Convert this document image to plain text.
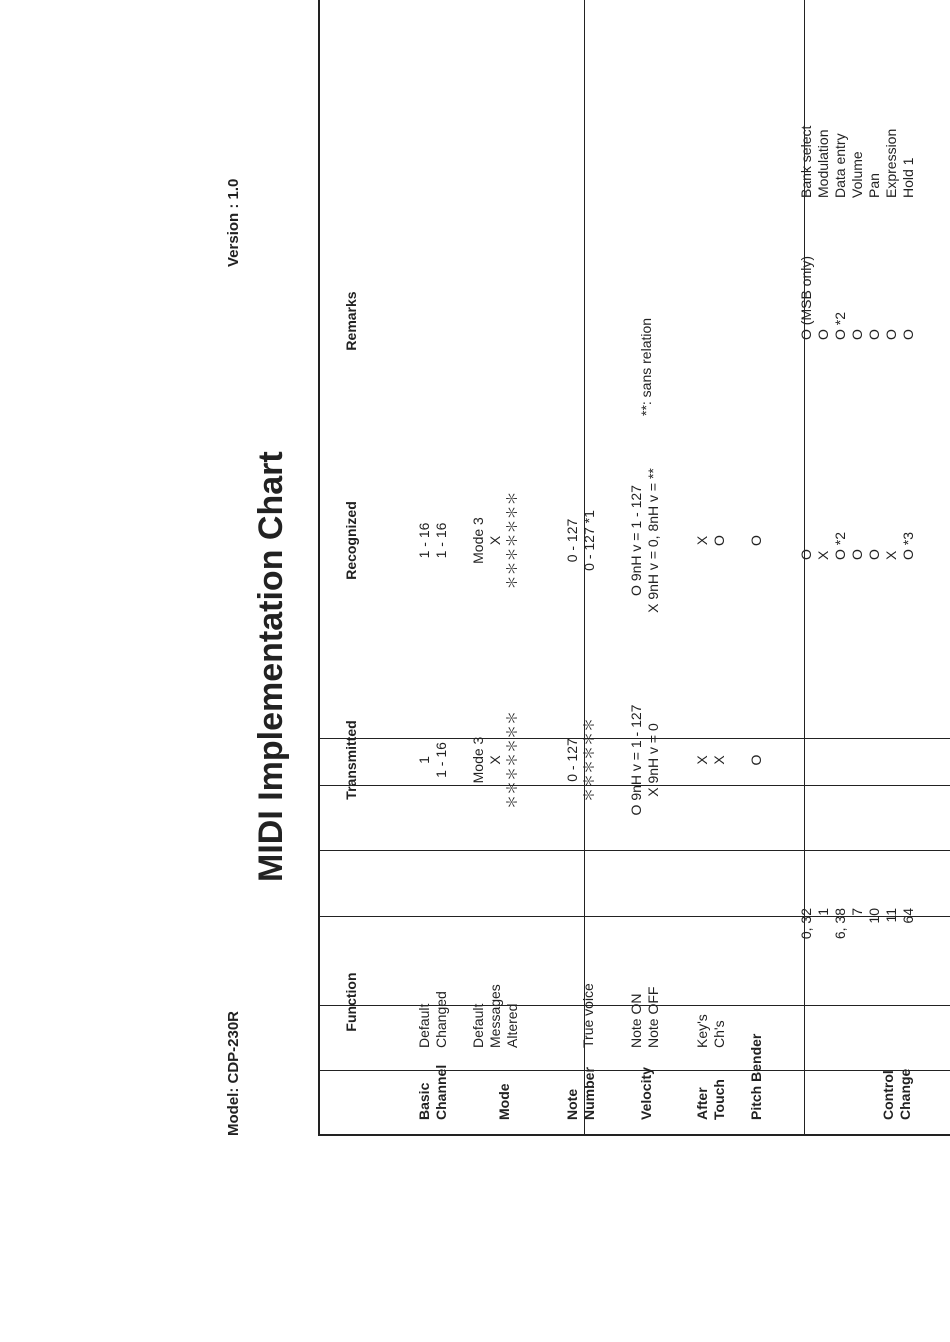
Model: CDP-230R
Version : 1.0
MIDI Implementation Chart
Function
Transmitted
Recognized
Remarks
Basic Channel
Default Changed
1 1 - 16
1 - 16 1 - 16
Mode
Default Messages Altered
Mode 3 X ＊＊＊＊＊＊＊
Mode 3 X ＊＊＊＊＊＊＊
Note Number
True voice
0 - 127 ＊＊＊＊＊＊
0 - 127 0 - 127 *1
Velocity
Note ON Note OFF
O 9nH v = 1 - 127 X 9nH v = 0
O 9nH v = 1 - 127 X 9nH v = 0, 8nH v = **
**: sans relation
After Touch
Key's Ch's
X X
X O
Pitch Bender
O
O
Control Change
0, 32 1 6, 38 7 10 11 64
O X O *2 O O X O *3
O (MSB only) O O *2 O O O O
Bank select Modulation Data entry Volume Pan Expression Hold 1
